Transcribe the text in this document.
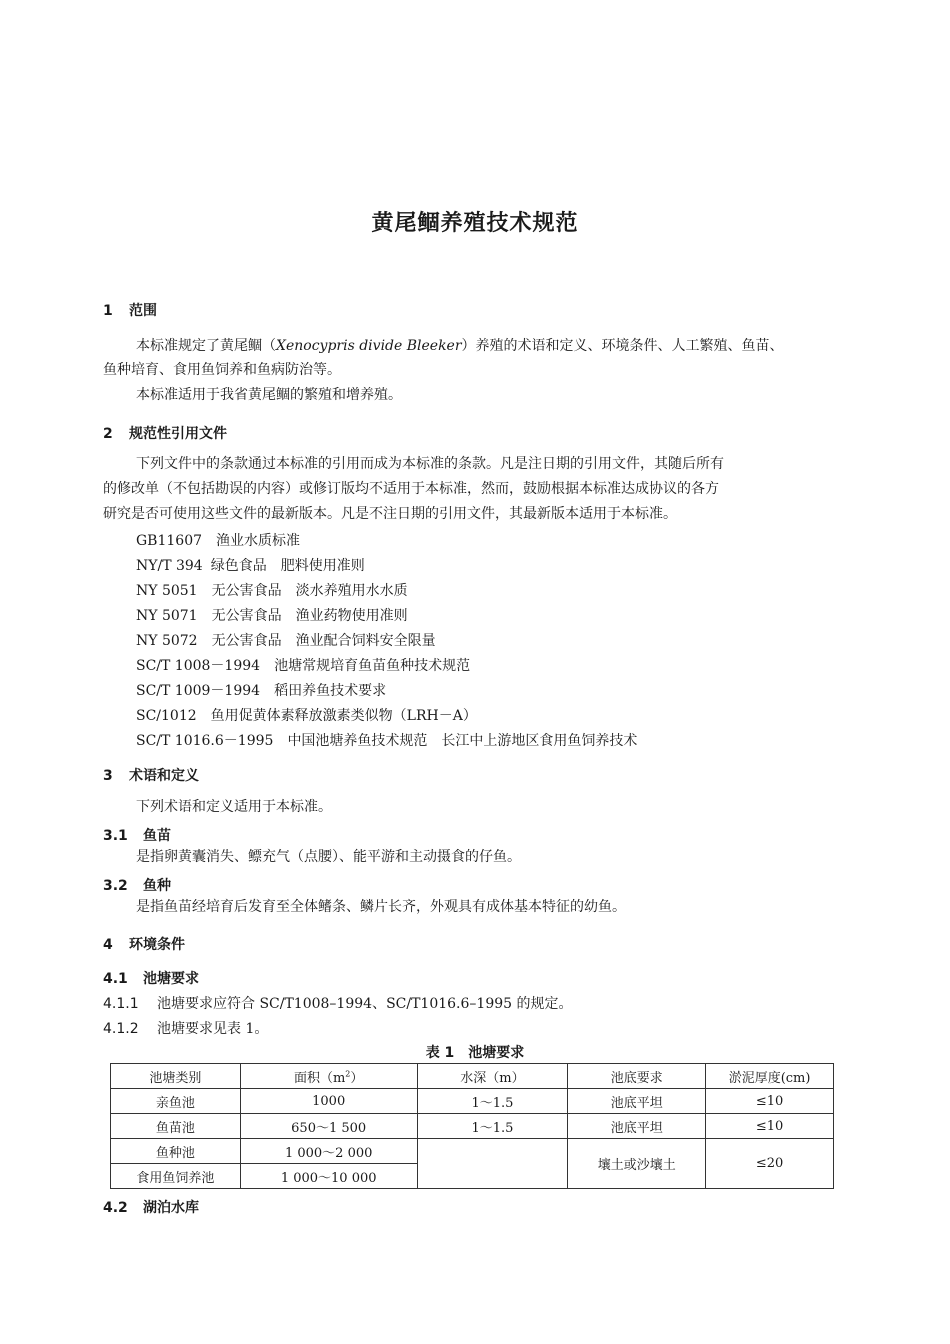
黄尾鲴养殖技术规范
1 范围
本标准规定了黄尾鲴（Xenocypris divide Bleeker）养殖的术语和定义、环境条件、人工繁殖、鱼苗、
鱼种培育、食用鱼饲养和鱼病防治等。
本标准适用于我省黄尾鲴的繁殖和增养殖。
2 规范性引用文件
下列文件中的条款通过本标准的引用而成为本标准的条款。凡是注日期的引用文件，其随后所有
的修改单（不包括勘误的内容）或修订版均不适用于本标准，然而，鼓励根据本标准达成协议的各方
研究是否可使用这些文件的最新版本。凡是不注日期的引用文件，其最新版本适用于本标准。
GB11607 渔业水质标准
NY/T 394 绿色食品　肥料使用准则
NY 5051 无公害食品　淡水养殖用水水质
NY 5071 无公害食品　渔业药物使用准则
NY 5072 无公害食品　渔业配合饲料安全限量
SC/T 1008－1994 池塘常规培育鱼苗鱼种技术规范
SC/T 1009－1994 稻田养鱼技术要求
SC/1012 鱼用促黄体素释放激素类似物（LRH－A）
SC/T 1016.6－1995 中国池塘养鱼技术规范　长江中上游地区食用鱼饲养技术
3 术语和定义
下列术语和定义适用于本标准。
3.1 鱼苗
是指卵黄囊消失、鳔充气（点腰）、能平游和主动摄食的仔鱼。
3.2 鱼种
是指鱼苗经培育后发育至全体鳍条、鳞片长齐，外观具有成体基本特征的幼鱼。
4 环境条件
4.1 池塘要求
4.1.1 池塘要求应符合 SC/T1008–1994、SC/T1016.6–1995 的规定。
4.1.2 池塘要求见表 1。
表 1　池塘要求
池塘类别	面积$(m^2)$	水深（m）	池底要求	淤泥厚度(cm)
亲鱼池	1000	1～1.5	池底平坦	≤10
鱼苗池	650～1 500	1～1.5	池底平坦	≤10
鱼种池	1 000～2 000		壤土或沙壤土	≤20
食用鱼饲养池	1 000～10 000			
4.2 湖泊水库
